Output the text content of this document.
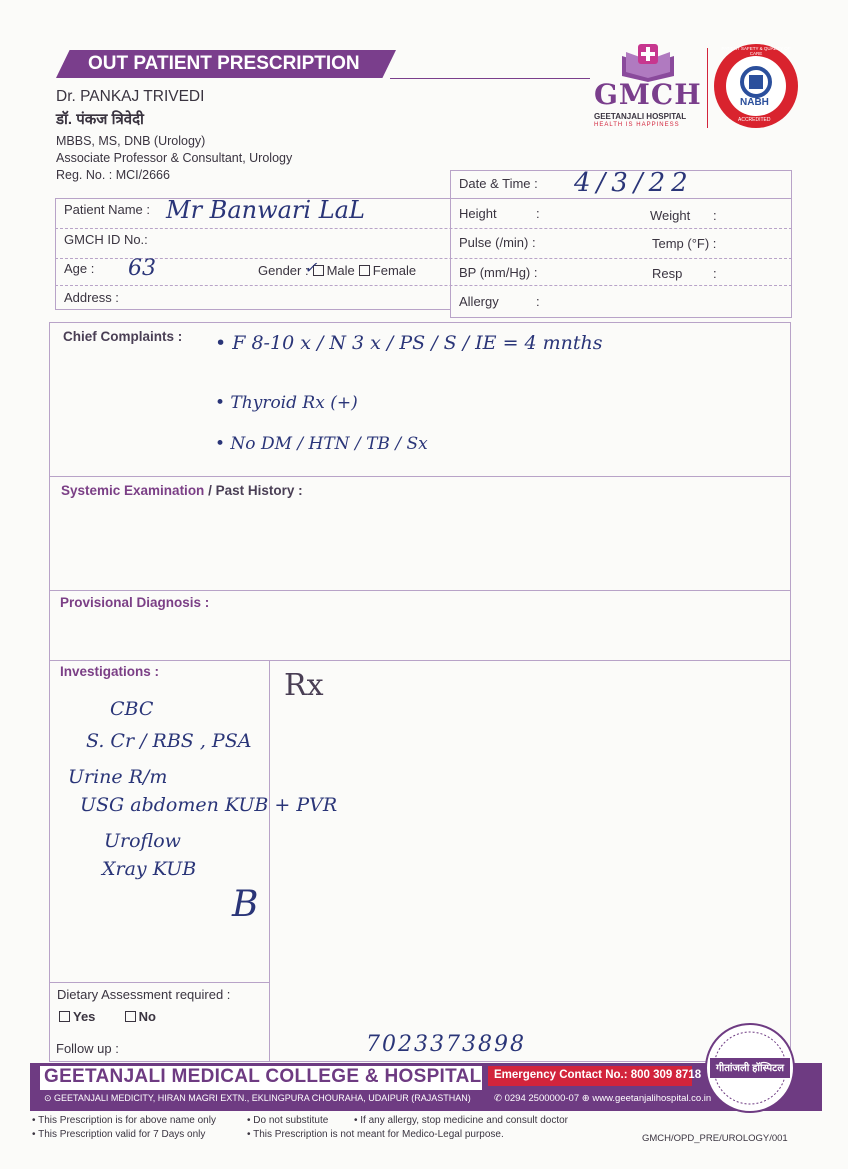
OUT PATIENT PRESCRIPTION
Dr. PANKAJ TRIVEDI
डॉ. पंकज त्रिवेदी
MBBS, MS, DNB (Urology)
Associate Professor & Consultant, Urology
Reg. No. : MCI/2666
GMCH
GEETANJALI HOSPITAL
HEALTH IS HAPPINESS
NABH
ACCREDITED
PATIENT SAFETY & QUALITY OF CARE
Patient Name : Mr Banwari LaL
GMCH ID No.:
Age : 63	Gender : Male Female
✓
Address :
Date & Time : 4/3/22
Height	:	Weight :
Pulse (/min) :	Temp (°F) :
BP (mm/Hg) :	Resp :
Allergy	:
Chief Complaints : • F 8-10 x / N 3 x / PS / S / IE = 4 mnths
• Thyroid Rx (+)
• No DM / HTN / TB / Sx
Systemic Examination / Past History :
Provisional Diagnosis :
Investigations :	Rx
CBC
S. Cr / RBS , PSA
Urine R/m
USG abdomen KUB + PVR
Uroflow
Xray KUB
B
Dietary Assessment required :
Yes	No
Follow up :	7023373898
GEETANJALI MEDICAL COLLEGE & HOSPITAL Emergency Contact No.: 800 309 8718
⊙ GEETANJALI MEDICITY, HIRAN MAGRI EXTN., EKLINGPURA CHOURAHA, UDAIPUR (RAJASTHAN) ✆ 0294 2500000-07 ⊕ www.geetanjalihospital.co.in
गीतांजली हॉस्पिटल
• This Prescription is for above name only
• This Prescription valid for 7 Days only
• Do not substitute	• If any allergy, stop medicine and consult doctor
• This Prescription is not meant for Medico-Legal purpose.	GMCH/OPD_PRE/UROLOGY/001
